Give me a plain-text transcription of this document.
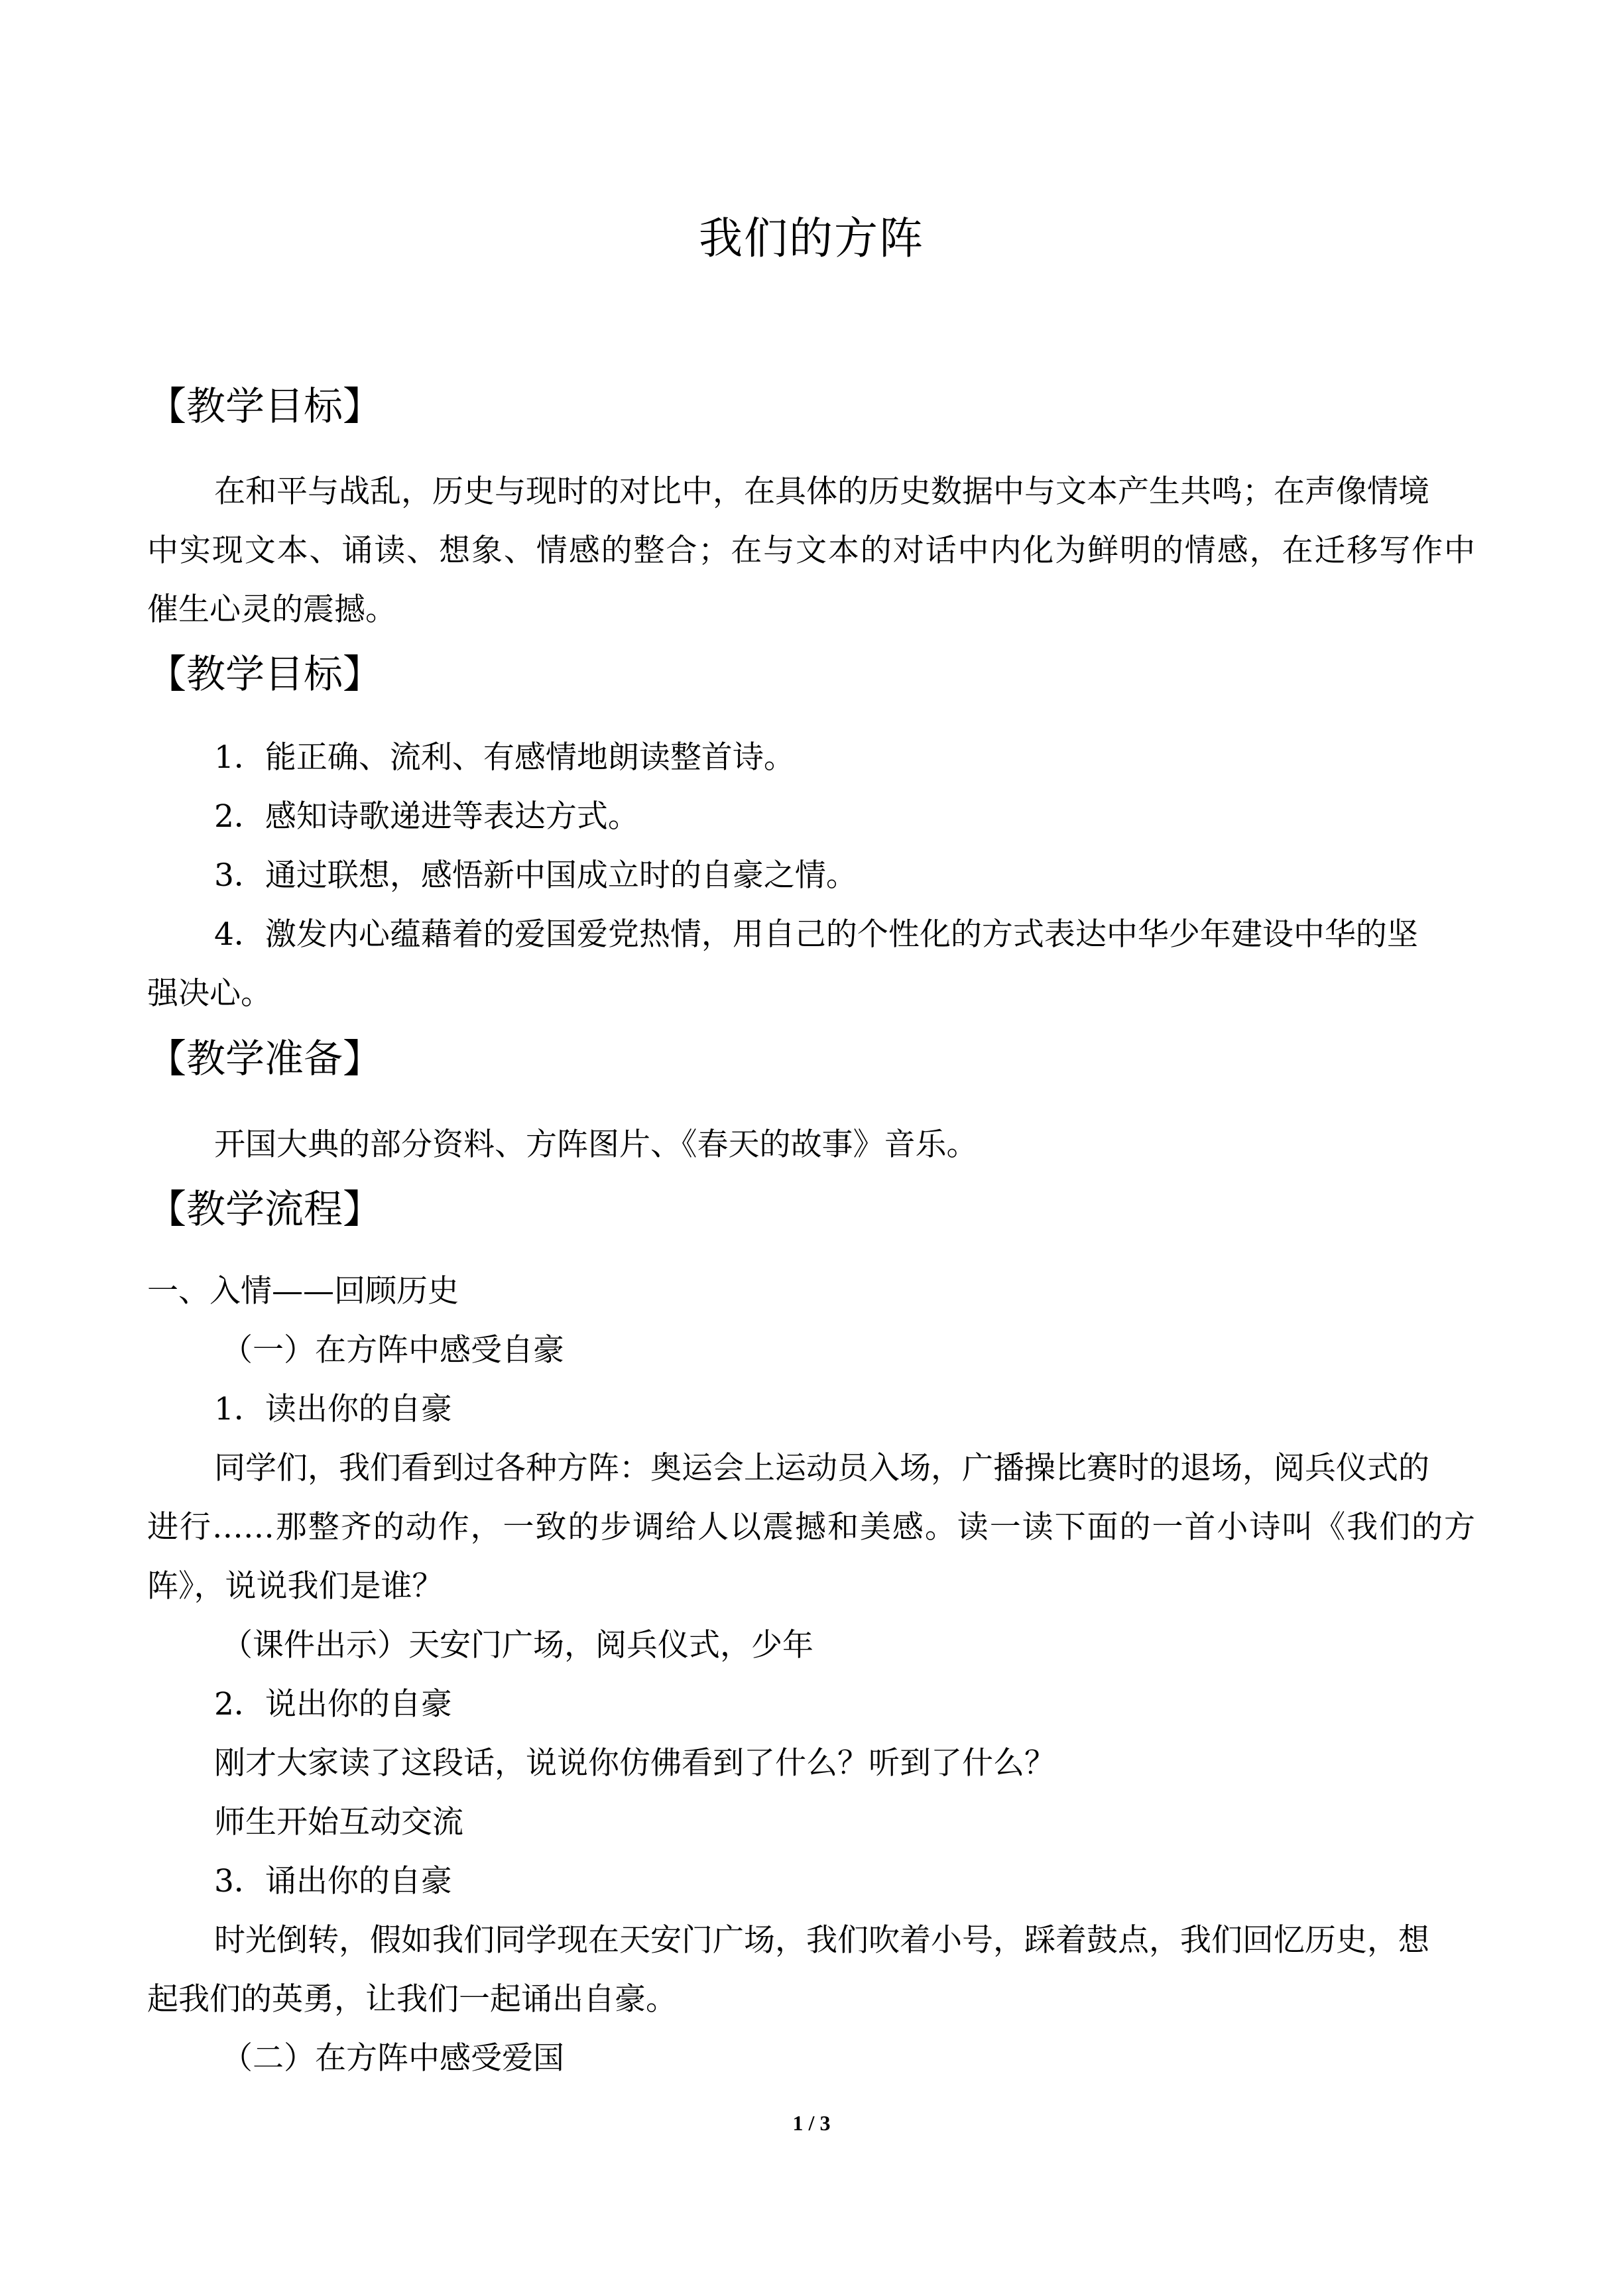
我们的方阵
【教学目标】
在和平与战乱，历史与现时的对比中，在具体的历史数据中与文本产生共鸣；在声像情境
中实现文本、诵读、想象、情感的整合；在与文本的对话中内化为鲜明的情感，在迁移写作中
催生心灵的震撼。
【教学目标】
1．能正确、流利、有感情地朗读整首诗。
2．感知诗歌递进等表达方式。
3．通过联想，感悟新中国成立时的自豪之情。
4．激发内心蕴藉着的爱国爱党热情，用自己的个性化的方式表达中华少年建设中华的坚
强决心。
【教学准备】
开国大典的部分资料、方阵图片、《春天的故事》音乐。
【教学流程】
一、入情——回顾历史
（一）在方阵中感受自豪
1．读出你的自豪
同学们，我们看到过各种方阵：奥运会上运动员入场，广播操比赛时的退场，阅兵仪式的
进行……那整齐的动作，一致的步调给人以震撼和美感。读一读下面的一首小诗叫《我们的方
阵》，说说我们是谁？
（课件出示）天安门广场，阅兵仪式，少年
2．说出你的自豪
刚才大家读了这段话，说说你仿佛看到了什么？听到了什么？
师生开始互动交流
3．诵出你的自豪
时光倒转，假如我们同学现在天安门广场，我们吹着小号，踩着鼓点，我们回忆历史，想
起我们的英勇，让我们一起诵出自豪。
（二）在方阵中感受爱国
1 / 3
